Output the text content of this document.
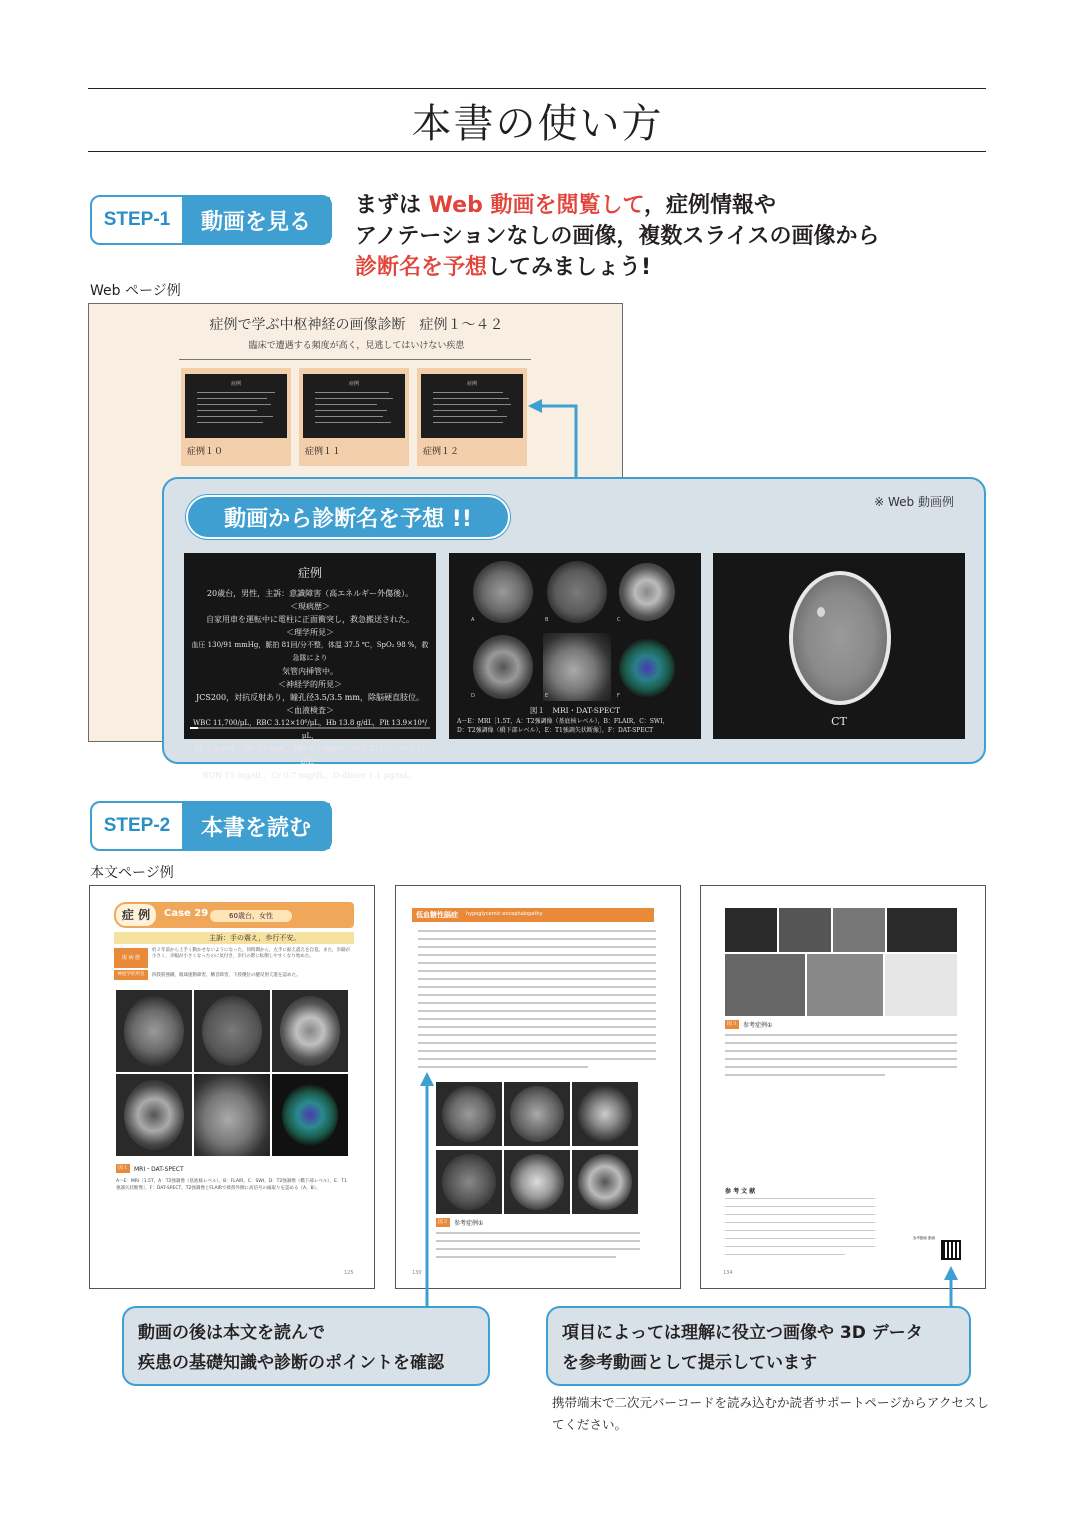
本書の使い方
STEP-1	動画を見る
まずは Web 動画を閲覧して，症例情報や
アノテーションなしの画像，複数スライスの画像から
診断名を予想してみましょう!
Web ページ例
症例で学ぶ中枢神経の画像診断　症例１～４２
臨床で遭遇する頻度が高く，見逃してはいけない疾患
症例
症例１０
症例
症例１１
症例
症例１２
動画から診断名を予想 !!
※ Web 動画例
症例
20歳台，男性，主訴：意識障害（高エネルギー外傷後）。
＜現病歴＞
自家用車を運転中に電柱に正面衝突し，救急搬送された。
＜理学所見＞
血圧 130/91 mmHg，脈拍 81回/分不整，体温 37.5 ℃，SpO₂ 98 %，救急隊により
気管内挿管中。
＜神経学的所見＞
JCS200，対抗反射あり，瞳孔径3.5/3.5 mm，除脳硬直肢位。
＜血液検査＞
WBC 11,700/μL，RBC 3.12×10⁶/μL，Hb 13.8 g/dL，Plt 13.9×10⁴/μL，
TP 5.9 g/dL，Alb 3.4 g/dL，TBil 0.7 mg/dL，AST 22 U/L，ALT 12 U/L，
BUN 15 mg/dL，Cr 0.7 mg/dL，D-dimer 1.1 μg/mL。
A	B	C
D	E	F
図１　MRI・DAT-SPECT
A～E：MRI［1.5T，A：T2強調像（基底核レベル），B：FLAIR，C：SWI，
D：T2強調像（橋下部レベル），E：T1強調矢状断像］，F：DAT-SPECT
CT
STEP-2	本書を読む
本文ページ例
症 例	Case 29	60歳台，女性
主訴：手の震え，歩行不安。
現 病 歴
約２年前から上手く動かせないようになった。同時期から，左手に振え震えを自覚。また，歩隔が小さく，歩幅が小さくなったのに気付き，歩行の際に転倒しやすくなり始めた。
神経学的所見	四肢筋強剛，眼球運動障害，構音障害，下肢優位の腱反射亢進を認めた。
図１	MRI・DAT-SPECT
A～E：MRI［1.5T，A：T2強調像（基底核レベル），B：FLAIR，C：SWI，D：T2強調像（橋下部レベル），E：T1強調矢状断像］，F：DAT-SPECT。T2強調像とFLAIRで被殻外側に高信号の縁取りを認める（A，B）。
125
低血糖性脳症 hypoglycemic encephalopathy
図２	参考症例①
130
図３	参考症例①
参 考 文 献
参考動画 動画
134
動画の後は本文を読んで
疾患の基礎知識や診断のポイントを確認
項目によっては理解に役立つ画像や 3D データ
を参考動画として提示しています
携帯端末で二次元バーコードを読み込むか読者サポートページからアクセスし
てください。
